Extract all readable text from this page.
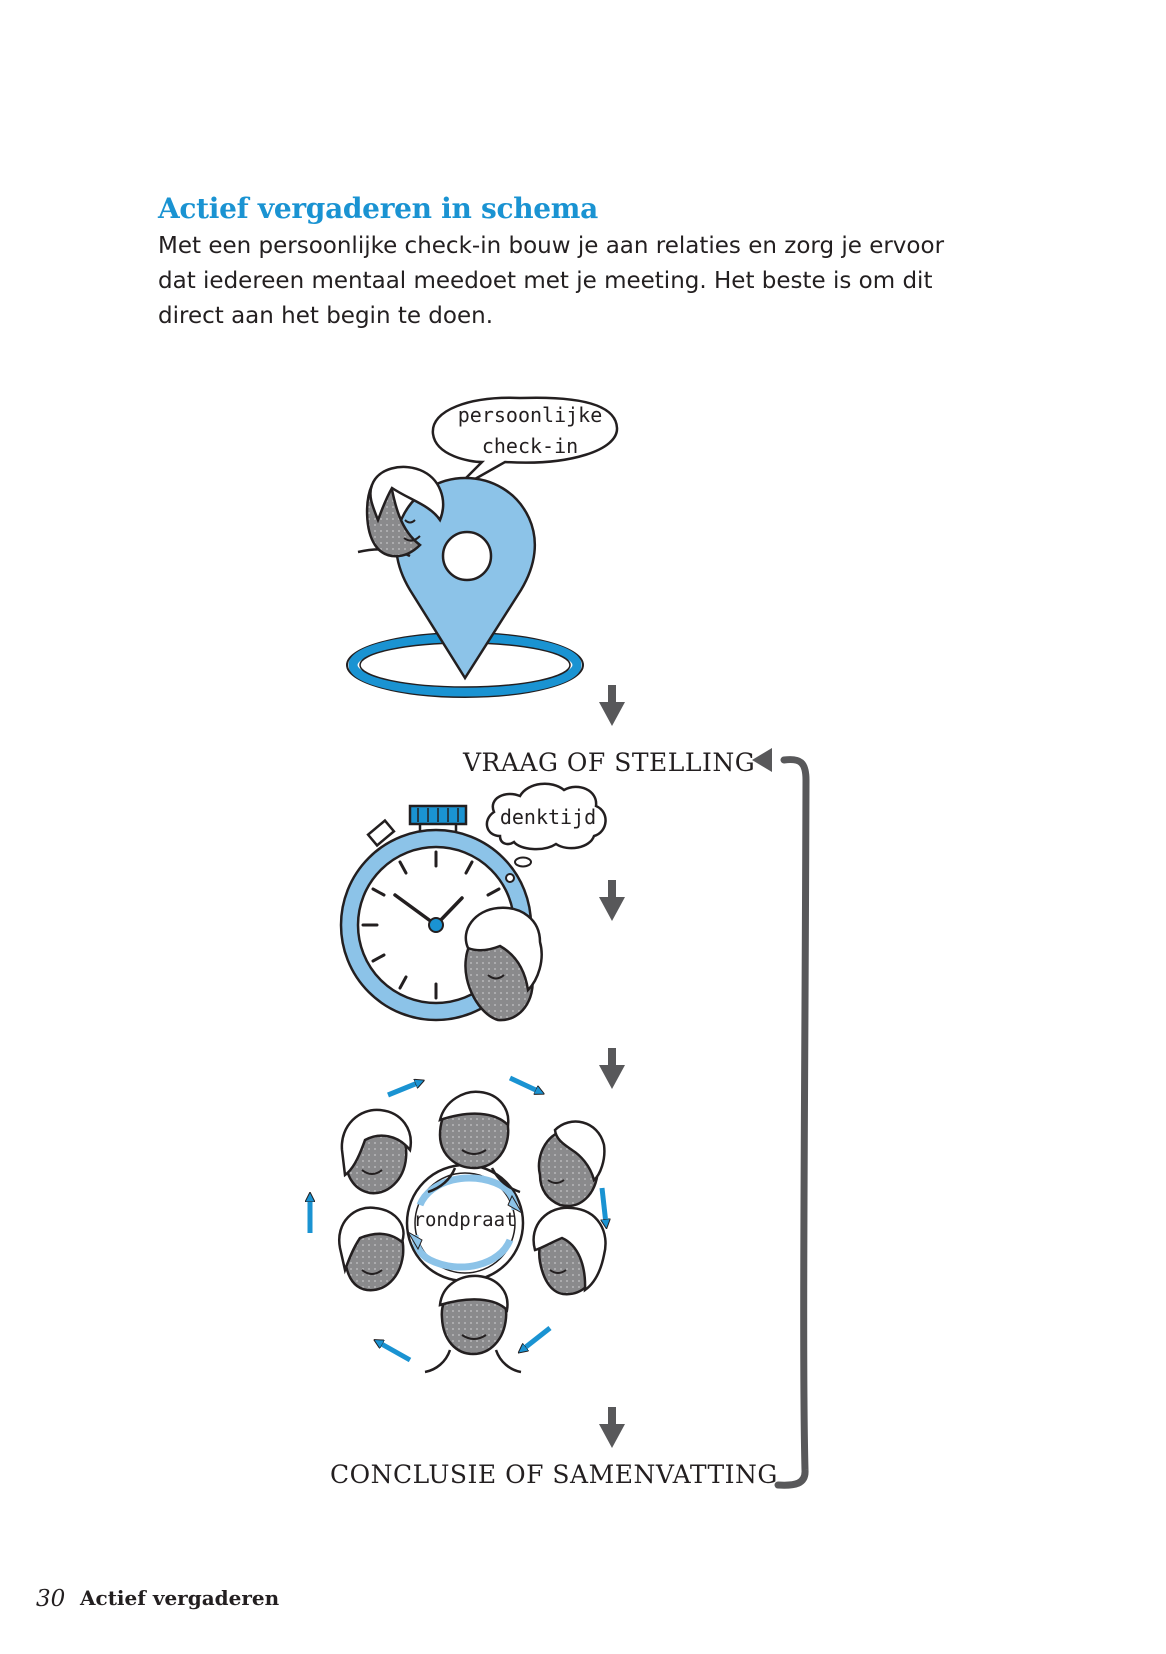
Actief vergaderen in schema

Met een persoonlijke check-in bouw je aan relaties en zorg je ervoor
dat iedereen mentaal meedoet met je meeting. Het beste is om dit
direct aan het begin te doen.

persoonlijke
check-in
VRAAG OF STELLING
denktijd
rondpraat
CONCLUSIE OF SAMENVATTING
30 Actief vergaderen
